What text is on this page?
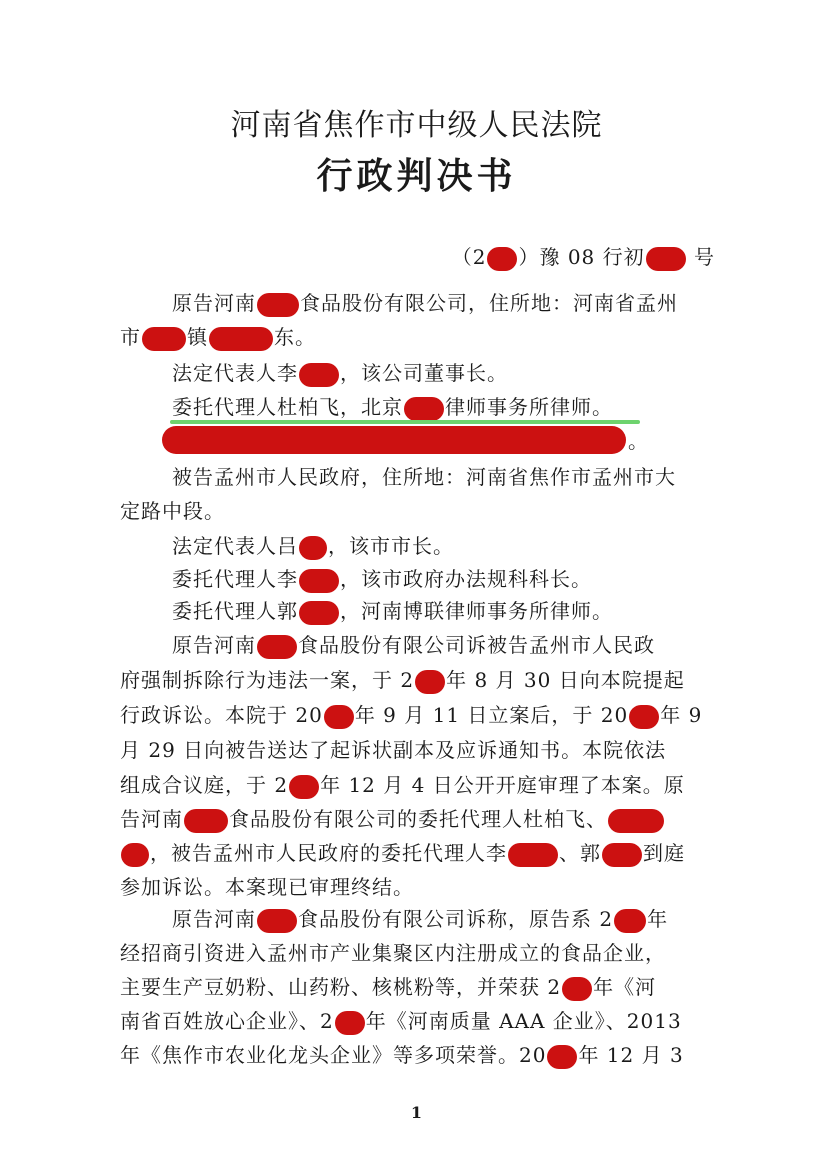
河南省焦作市中级人民法院
行政判决书
（2 ）豫 08 行初 号
原告河南 食品股份有限公司，住所地：河南省孟州
市 镇	东。
法定代表人李 ，该公司董事长。
委托代理人杜柏飞，北京 律师事务所律师。
。
被告孟州市人民政府，住所地：河南省焦作市孟州市大
定路中段。
法定代表人吕 ，该市市长。
委托代理人李 ，该市政府办法规科科长。
委托代理人郭 ，河南博联律师事务所律师。
原告河南 食品股份有限公司诉被告孟州市人民政
府强制拆除行为违法一案，于 2 年 8 月 30 日向本院提起
行政诉讼。本院于 20 年 9 月 11 日立案后，于 20 年 9
月 29 日向被告送达了起诉状副本及应诉通知书。本院依法
组成合议庭，于 2 年 12 月 4 日公开开庭审理了本案。原
告河南 食品股份有限公司的委托代理人杜柏飞、
，被告孟州市人民政府的委托代理人李	、郭 到庭
参加诉讼。本案现已审理终结。
原告河南 食品股份有限公司诉称，原告系 2 年
经招商引资进入孟州市产业集聚区内注册成立的食品企业，
主要生产豆奶粉、山药粉、核桃粉等，并荣获 2 年《河
南省百姓放心企业》、2 年《河南质量 AAA 企业》、2013
年《焦作市农业化龙头企业》等多项荣誉。20 年 12 月 3
1
